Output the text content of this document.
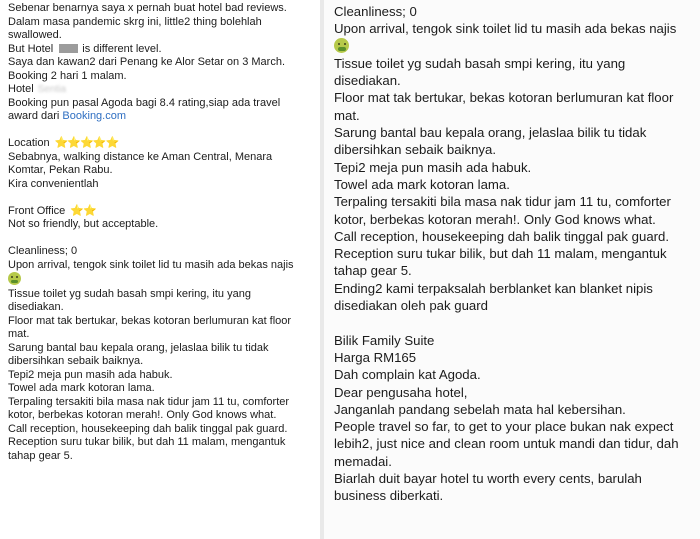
Sebenar benarnya saya x pernah buat hotel bad reviews.
Dalam masa pandemic skrg ini, little2 thing bolehlah
swallowed.
But Hotel	is different level.
Saya dan kawan2 dari Penang ke Alor Setar on 3 March.
Booking 2 hari 1 malam.
Hotel Sentia
Booking pun pasal Agoda bagi 8.4 rating,siap ada travel
award dari Booking.com
Location ⭐⭐⭐⭐⭐
Sebabnya, walking distance ke Aman Central, Menara
Komtar, Pekan Rabu.
Kira convenientlah
Front Office ⭐⭐
Not so friendly, but acceptable.
Cleanliness; 0
Upon arrival, tengok sink toilet lid tu masih ada bekas najis
Tissue toilet yg sudah basah smpi kering, itu yang
disediakan.
Floor mat tak bertukar, bekas kotoran berlumuran kat floor
mat.
Sarung bantal bau kepala orang, jelaslaa bilik tu tidak
dibersihkan sebaik baiknya.
Tepi2 meja pun masih ada habuk.
Towel ada mark kotoran lama.
Terpaling tersakiti bila masa nak tidur jam 11 tu, comforter
kotor, berbekas kotoran merah!. Only God knows what.
Call reception, housekeeping dah balik tinggal pak guard.
Reception suru tukar bilik, but dah 11 malam, mengantuk
tahap gear 5.
Cleanliness; 0
Upon arrival, tengok sink toilet lid tu masih ada bekas najis
Tissue toilet yg sudah basah smpi kering, itu yang
disediakan.
Floor mat tak bertukar, bekas kotoran berlumuran kat floor
mat.
Sarung bantal bau kepala orang, jelaslaa bilik tu tidak
dibersihkan sebaik baiknya.
Tepi2 meja pun masih ada habuk.
Towel ada mark kotoran lama.
Terpaling tersakiti bila masa nak tidur jam 11 tu, comforter
kotor, berbekas kotoran merah!. Only God knows what.
Call reception, housekeeping dah balik tinggal pak guard.
Reception suru tukar bilik, but dah 11 malam, mengantuk
tahap gear 5.
Ending2 kami terpaksalah berblanket kan blanket nipis
disediakan oleh pak guard
Bilik Family Suite
Harga RM165
Dah complain kat Agoda.
Dear pengusaha hotel,
Janganlah pandang sebelah mata hal kebersihan.
People travel so far, to get to your place bukan nak expect
lebih2, just nice and clean room untuk mandi dan tidur, dah
memadai.
Biarlah duit bayar hotel tu worth every cents, barulah
business diberkati.
